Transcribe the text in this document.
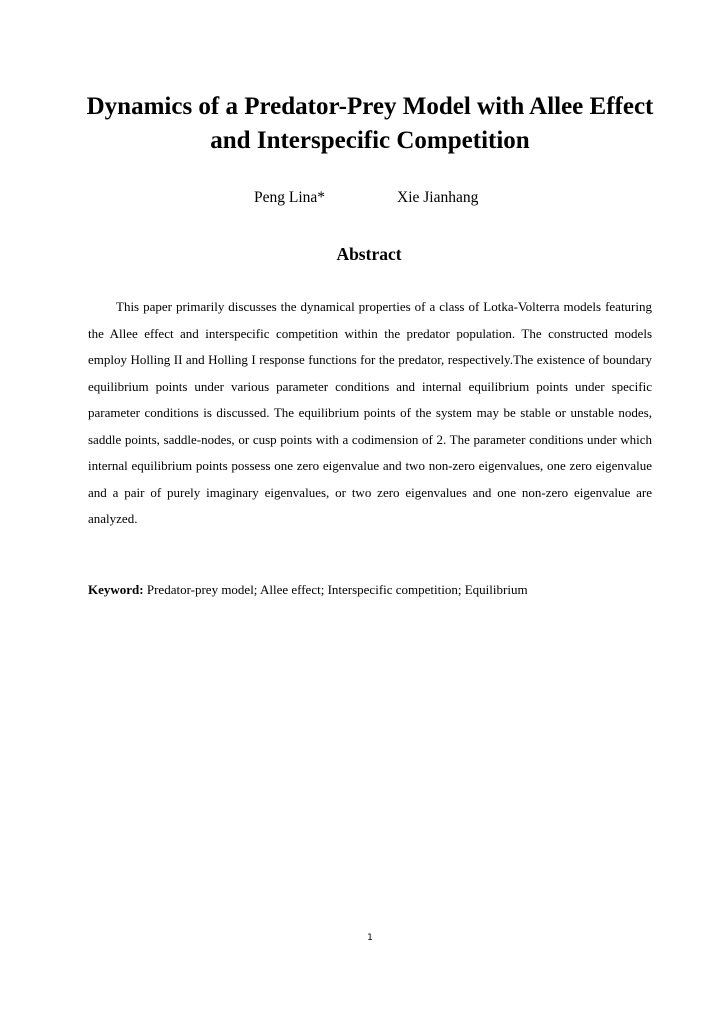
Dynamics of a Predator-Prey Model with Allee Effect and Interspecific Competition
Peng Lina*	Xie Jianhang
Abstract

This paper primarily discusses the dynamical properties of a class of Lotka-Volterra models featuring the Allee effect and interspecific competition within the predator population. The constructed models employ Holling II and Holling I response functions for the predator, respectively.The existence of boundary equilibrium points under various parameter conditions and internal equilibrium points under specific parameter conditions is discussed. The equilibrium points of the system may be stable or unstable nodes, saddle points, saddle-nodes, or cusp points with a codimension of 2. The parameter conditions under which internal equilibrium points possess one zero eigenvalue and two non-zero eigenvalues, one zero eigenvalue and a pair of purely imaginary eigenvalues, or two zero eigenvalues and one non-zero eigenvalue are analyzed.

Keyword: Predator-prey model; Allee effect; Interspecific competition; Equilibrium

1
